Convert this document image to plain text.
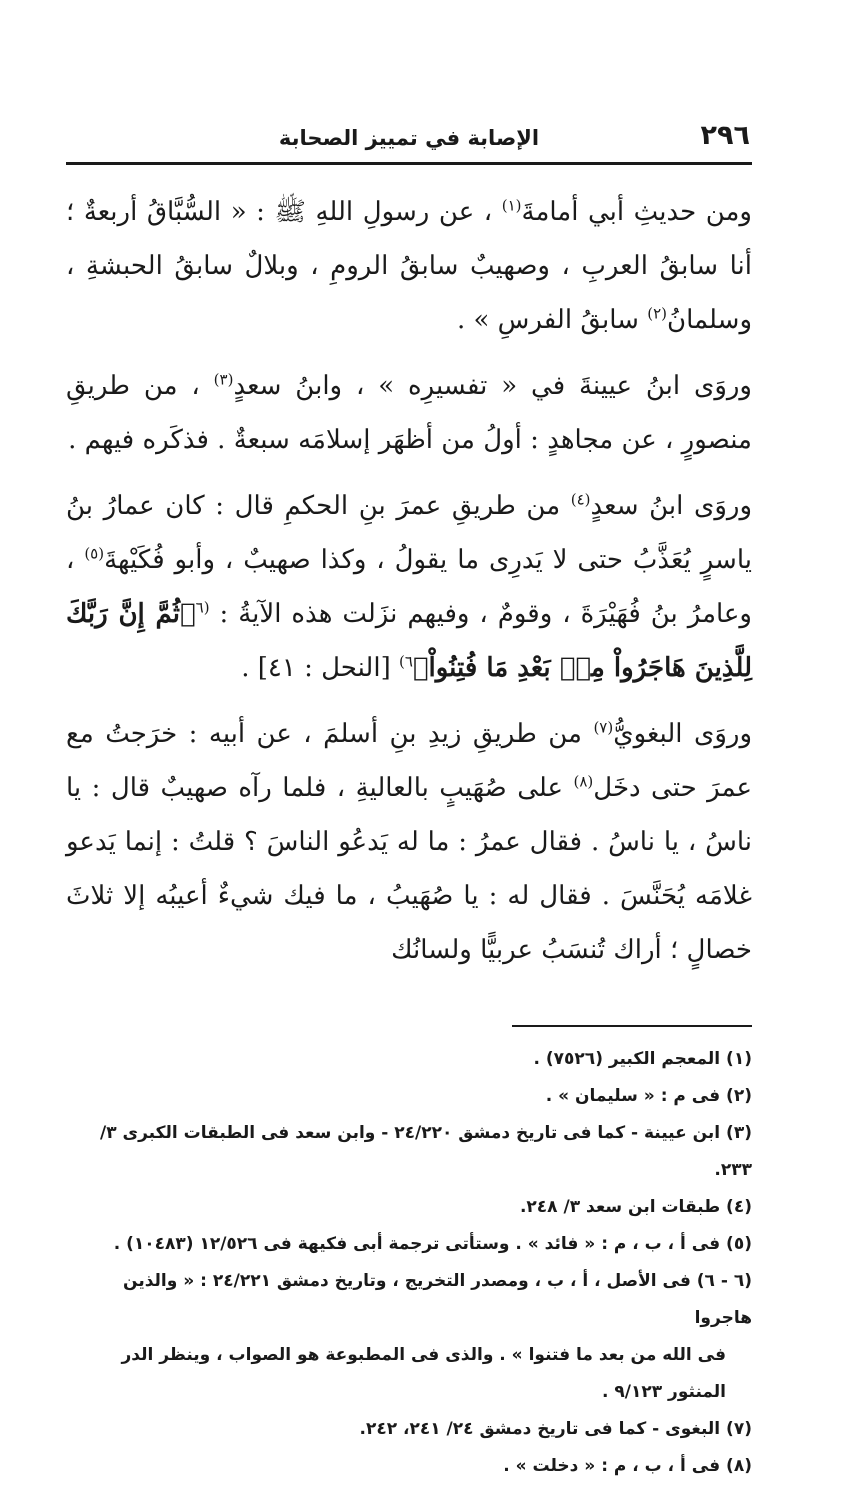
٢٩٦
الإصابة في تمييز الصحابة

ومن حديثِ أبي أمامةَ$^{(١)}$ ، عن رسولِ اللهِ ﷺ : « السُّبَّاقُ أربعةٌ ؛ أنا سابقُ العربِ ، وصهيبٌ سابقُ الرومِ ، وبلالٌ سابقُ الحبشةِ ، وسلمانُ$^{(٢)}$ سابقُ الفرسِ » .

وروَى ابنُ عيينةَ في « تفسيرِه » ، وابنُ سعدٍ$^{(٣)}$ ، من طريقِ منصورٍ ، عن مجاهدٍ : أولُ من أظهَر إسلامَه سبعةٌ . فذكَره فيهم .

وروَى ابنُ سعدٍ$^{(٤)}$ من طريقِ عمرَ بنِ الحكمِ قال : كان عمارُ بنُ ياسرٍ يُعَذَّبُ حتى لا يَدرِى ما يقولُ ، وكذا صهيبٌ ، وأبو فُكَيْهةَ$^{(٥)}$ ، وعامرُ بنُ فُهَيْرَةَ ، وقومٌ ، وفيهم نزَلت هذه الآيةُ : $^{(٦}$﴿ثُمَّ إِنَّ رَبَّكَ لِلَّذِينَ هَاجَرُواْ مِنۢ بَعْدِ مَا فُتِنُواْ﴾$^{٦)}$ [النحل : ٤١] .

وروَى البغويُّ$^{(٧)}$ من طريقِ زيدِ بنِ أسلمَ ، عن أبيه : خرَجتُ مع عمرَ حتى دخَل$^{(٨)}$ على صُهَيبٍ بالعاليةِ ، فلما رآه صهيبٌ قال : يا ناسُ ، يا ناسُ . فقال عمرُ : ما له يَدعُو الناسَ ؟ قلتُ : إنما يَدعو غلامَه يُحَنَّسَ . فقال له : يا صُهَيبُ ، ما فيك شيءٌ أعيبُه إلا ثلاثَ خصالٍ ؛ أراك تُنسَبُ عربيًّا ولسانُك

(١) المعجم الكبير (٧٥٢٦) .
(٢) فى م : « سليمان » .
(٣) ابن عيينة - كما فى تاريخ دمشق ٢٤/٢٢٠ - وابن سعد فى الطبقات الكبرى ٣/ ٢٣٣.
(٤) طبقات ابن سعد ٣/ ٢٤٨.
(٥) فى أ ، ب ، م : « فائد » . وستأتى ترجمة أبى فكيهة فى ١٢/٥٢٦ (١٠٤٨٣) .
(٦ - ٦) فى الأصل ، أ ، ب ، ومصدر التخريج ، وتاريخ دمشق ٢٤/٢٢١ : « والذين هاجروا
فى الله من بعد ما فتنوا » . والذى فى المطبوعة هو الصواب ، وينظر الدر المنثور ٩/١٢٣ .
(٧) البغوى - كما فى تاريخ دمشق ٢٤/ ٢٤١، ٢٤٢.
(٨) فى أ ، ب ، م : « دخلت » .
